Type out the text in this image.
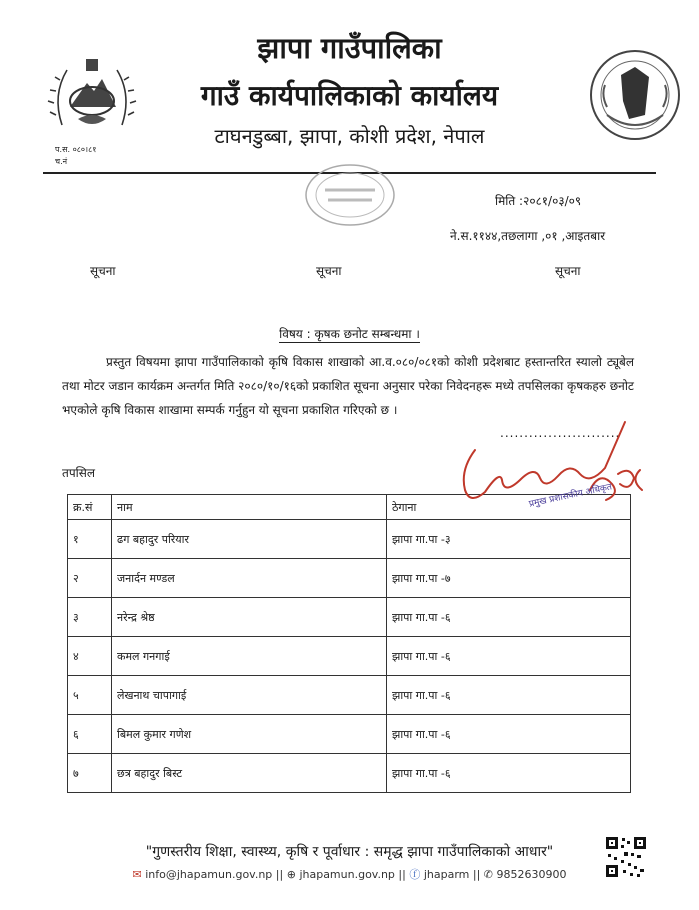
झापा गाउँपालिका
गाउँ कार्यपालिकाको कार्यालय
टाघनडुब्बा, झापा, कोशी प्रदेश, नेपाल
प.स. ०८०।८१
च.नं
मिति :२०८१/०३/०९
ने.स.११४४,तछलागा ,०१ ,आइतबार
सूचना	सूचना	सूचना
विषय : कृषक छनोट सम्बन्धमा ।
प्रस्तुत विषयमा झापा गाउँपालिकाको कृषि विकास शाखाको आ.व.०८०/०८१को कोशी प्रदेशबाट हस्तान्तरित स्यालो ट्यूबेल तथा मोटर जडान कार्यक्रम अन्तर्गत मिति २०८०/१०/१६को प्रकाशित सूचना अनुसार परेका निवेदनहरू मध्ये तपसिलका कृषकहरु छनोट भएकोले कृषि विकास शाखामा सम्पर्क गर्नुहुन यो सूचना प्रकाशित गरिएको छ ।
.........................
तपसिल
क्र.सं	नाम	ठेगाना
१	ढग बहादुर परियार	झापा गा.पा -३
२	जनार्दन मण्डल	झापा गा.पा -७
३	नरेन्द्र श्रेष्ठ	झापा गा.पा -६
४	कमल गनगाई	झापा गा.पा -६
५	लेखनाथ चापागाई	झापा गा.पा -६
६	बिमल कुमार गणेश	झापा गा.पा -६
७	छत्र बहादुर बिस्ट	झापा गा.पा -६
प्रमुख प्रशासकीय अधिकृत
"गुणस्तरीय शिक्षा, स्वास्थ्य, कृषि र पूर्वाधार : समृद्ध झापा गाउँपालिकाको आधार"
✉ info@jhapamun.gov.np || ⊕ jhapamun.gov.np || ⓕ jhaparm || ✆ 9852630900
